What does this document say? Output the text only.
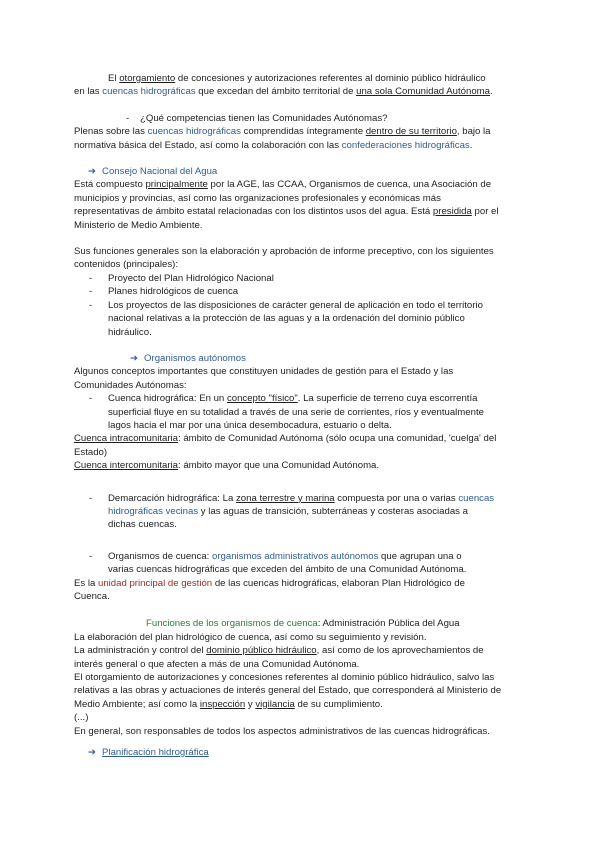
El otorgamiento de concesiones y autorizaciones referentes al dominio público hidráulico

en las cuencas hidrográficas que excedan del ámbito territorial de una sola Comunidad Autónoma.

- ¿Qué competencias tienen las Comunidades Autónomas?

Plenas sobre las cuencas hidrográficas comprendidas íntegramente dentro de su territorio, bajo la

normativa básica del Estado, así como la colaboración con las confederaciones hidrográficas.

➔ Consejo Nacional del Agua

Está compuesto principalmente por la AGE, las CCAA, Organismos de cuenca, una Asociación de

municipios y provincias, así como las organizaciones profesionales y económicas más

representativas de ámbito estatal relacionadas con los distintos usos del agua. Está presidida por el

Ministerio de Medio Ambiente.

Sus funciones generales son la elaboración y aprobación de informe preceptivo, con los siguientes

contenidos (principales):

- Proyecto del Plan Hidrológico Nacional

- Planes hidrológicos de cuenca

- Los proyectos de las disposiciones de carácter general de aplicación en todo el territorio

nacional relativas a la protección de las aguas y a la ordenación del dominio público

hidráulico.

➔ Organismos autónomos

Algunos conceptos importantes que constituyen unidades de gestión para el Estado y las

Comunidades Autónomas:

- Cuenca hidrográfica: En un concepto "físico". La superficie de terreno cuya escorrentía

superficial fluye en su totalidad a través de una serie de corrientes, ríos y eventualmente

lagos hacia el mar por una única desembocadura, estuario o delta.

Cuenca intracomunitaria: ámbito de Comunidad Autónoma (sólo ocupa una comunidad, 'cuelga' del

Estado)

Cuenca intercomunitaria: ámbito mayor que una Comunidad Autónoma.

- Demarcación hidrográfica: La zona terrestre y marina compuesta por una o varias cuencas

hidrográficas vecinas y las aguas de transición, subterráneas y costeras asociadas a

dichas cuencas.

- Organismos de cuenca: organismos administrativos autónomos que agrupan una o

varias cuencas hidrográficas que exceden del ámbito de una Comunidad Autónoma.

Es la unidad principal de gestión de las cuencas hidrográficas, elaboran Plan Hidrológico de

Cuenca.

Funciones de los organismos de cuenca: Administración Pública del Agua

La elaboración del plan hidrológico de cuenca, así como su seguimiento y revisión.

La administración y control del dominio público hidráulico, así como de los aprovechamientos de

interés general o que afecten a más de una Comunidad Autónoma.

El otorgamiento de autorizaciones y concesiones referentes al dominio público hidráulico, salvo las

relativas a las obras y actuaciones de interés general del Estado, que corresponderá al Ministerio de

Medio Ambiente; así como la inspección y vigilancia de su cumplimiento.

(...)

En general, son responsables de todos los aspectos administrativos de las cuencas hidrográficas.

➔ Planificación hidrográfica
